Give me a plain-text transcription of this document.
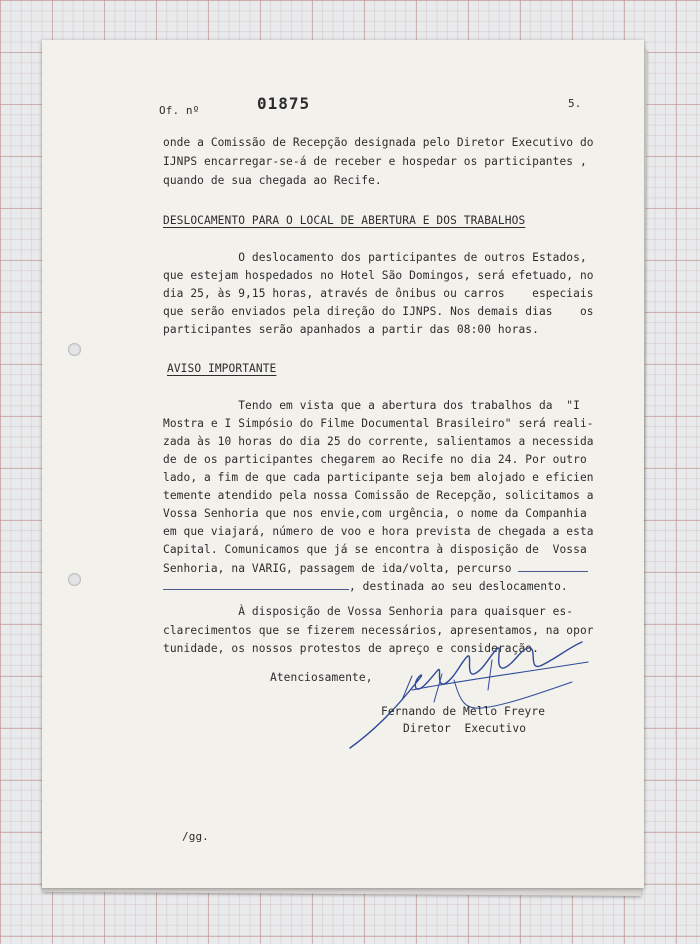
Of. nº	01875	5.
onde a Comissão de Recepção designada pelo Diretor Executivo do
IJNPS encarregar-se-á de receber e hospedar os participantes ,
quando de sua chegada ao Recife.
DESLOCAMENTO PARA O LOCAL DE ABERTURA E DOS TRABALHOS
O deslocamento dos participantes de outros Estados,
que estejam hospedados no Hotel São Domingos, será efetuado, no
dia 25, às 9,15 horas, através de ônibus ou carros    especiais
que serão enviados pela direção do IJNPS. Nos demais dias    os
participantes serão apanhados a partir das 08:00 horas.
AVISO IMPORTANTE
Tendo em vista que a abertura dos trabalhos da  "I
Mostra e I Simpósio do Filme Documental Brasileiro" será reali-
zada às 10 horas do dia 25 do corrente, salientamos a necessida
de de os participantes chegarem ao Recife no dia 24. Por outro
lado, a fim de que cada participante seja bem alojado e eficien
temente atendido pela nossa Comissão de Recepção, solicitamos a
Vossa Senhoria que nos envie,com urgência, o nome da Companhia
em que viajará, número de voo e hora prevista de chegada a esta
Capital. Comunicamos que já se encontra à disposição de  Vossa
Senhoria, na VARIG, passagem de ida/volta, percurso
, destinada ao seu deslocamento.
À disposição de Vossa Senhoria para quaisquer es-
clarecimentos que se fizerem necessários, apresentamos, na opor
tunidade, os nossos protestos de apreço e consideração.
Atenciosamente,
Fernando de Mello Freyre
Diretor  Executivo
/gg.
